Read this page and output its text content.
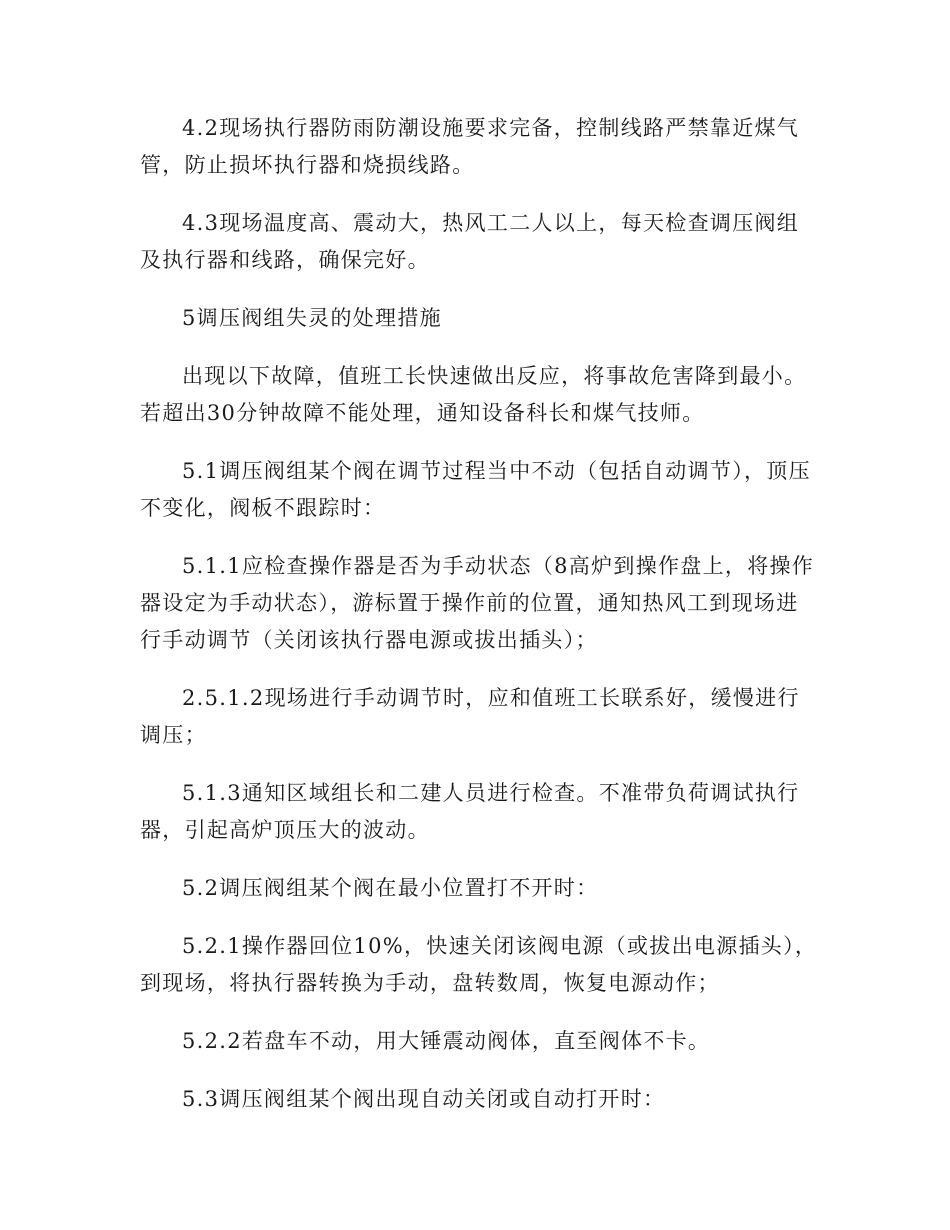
4.2现场执行器防雨防潮设施要求完备，控制线路严禁靠近煤气管，防止损坏执行器和烧损线路。

4.3现场温度高、震动大，热风工二人以上，每天检查调压阀组及执行器和线路，确保完好。

5调压阀组失灵的处理措施

出现以下故障，值班工长快速做出反应，将事故危害降到最小。若超出30分钟故障不能处理，通知设备科长和煤气技师。

5.1调压阀组某个阀在调节过程当中不动（包括自动调节），顶压不变化，阀板不跟踪时：

5.1.1应检查操作器是否为手动状态（8高炉到操作盘上，将操作器设定为手动状态），游标置于操作前的位置，通知热风工到现场进行手动调节（关闭该执行器电源或拔出插头）；

2.5.1.2现场进行手动调节时，应和值班工长联系好，缓慢进行调压；

5.1.3通知区域组长和二建人员进行检查。不准带负荷调试执行器，引起高炉顶压大的波动。

5.2调压阀组某个阀在最小位置打不开时：

5.2.1操作器回位10%，快速关闭该阀电源（或拔出电源插头），到现场，将执行器转换为手动，盘转数周，恢复电源动作；

5.2.2若盘车不动，用大锤震动阀体，直至阀体不卡。

5.3调压阀组某个阀出现自动关闭或自动打开时：
